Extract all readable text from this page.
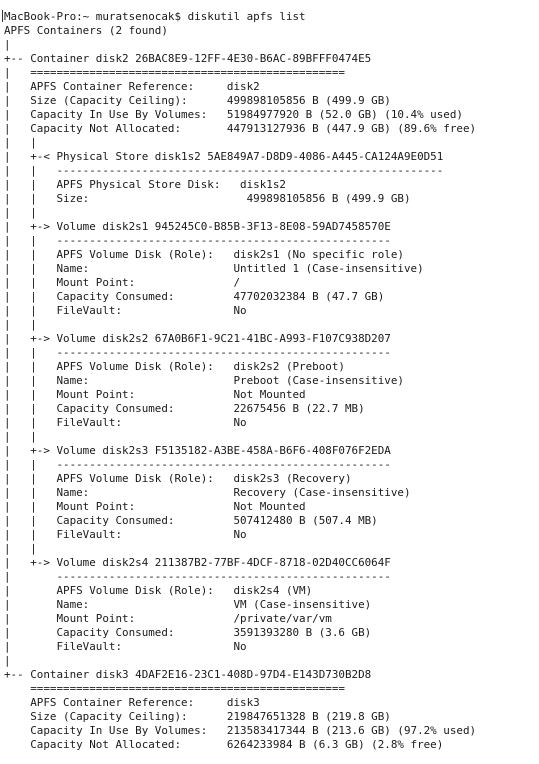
MacBook-Pro:~ muratsenocak$ diskutil apfs list
APFS Containers (2 found)
|
+-- Container disk2 26BAC8E9-12FF-4E30-B6AC-89BFFF0474E5
|   ================================================
|   APFS Container Reference:     disk2
|   Size (Capacity Ceiling):      499898105856 B (499.9 GB)
|   Capacity In Use By Volumes:   51984977920 B (52.0 GB) (10.4% used)
|   Capacity Not Allocated:       447913127936 B (447.9 GB) (89.6% free)
|   |
|   +-< Physical Store disk1s2 5AE849A7-D8D9-4086-A445-CA124A9E0D51
|   |   -----------------------------------------------------------
|   |   APFS Physical Store Disk:   disk1s2
|   |   Size:                        499898105856 B (499.9 GB)
|   |
|   +-> Volume disk2s1 945245C0-B85B-3F13-8E08-59AD7458570E
|   |   ---------------------------------------------------
|   |   APFS Volume Disk (Role):   disk2s1 (No specific role)
|   |   Name:                      Untitled 1 (Case-insensitive)
|   |   Mount Point:               /
|   |   Capacity Consumed:         47702032384 B (47.7 GB)
|   |   FileVault:                 No
|   |
|   +-> Volume disk2s2 67A0B6F1-9C21-41BC-A993-F107C938D207
|   |   ---------------------------------------------------
|   |   APFS Volume Disk (Role):   disk2s2 (Preboot)
|   |   Name:                      Preboot (Case-insensitive)
|   |   Mount Point:               Not Mounted
|   |   Capacity Consumed:         22675456 B (22.7 MB)
|   |   FileVault:                 No
|   |
|   +-> Volume disk2s3 F5135182-A3BE-458A-B6F6-408F076F2EDA
|   |   ---------------------------------------------------
|   |   APFS Volume Disk (Role):   disk2s3 (Recovery)
|   |   Name:                      Recovery (Case-insensitive)
|   |   Mount Point:               Not Mounted
|   |   Capacity Consumed:         507412480 B (507.4 MB)
|   |   FileVault:                 No
|   |
|   +-> Volume disk2s4 211387B2-77BF-4DCF-8718-02D40CC6064F
|       ---------------------------------------------------
|       APFS Volume Disk (Role):   disk2s4 (VM)
|       Name:                      VM (Case-insensitive)
|       Mount Point:               /private/var/vm
|       Capacity Consumed:         3591393280 B (3.6 GB)
|       FileVault:                 No
|
+-- Container disk3 4DAF2E16-23C1-408D-97D4-E143D730B2D8
================================================
APFS Container Reference:     disk3
Size (Capacity Ceiling):      219847651328 B (219.8 GB)
Capacity In Use By Volumes:   213583417344 B (213.6 GB) (97.2% used)
Capacity Not Allocated:       6264233984 B (6.3 GB) (2.8% free)
